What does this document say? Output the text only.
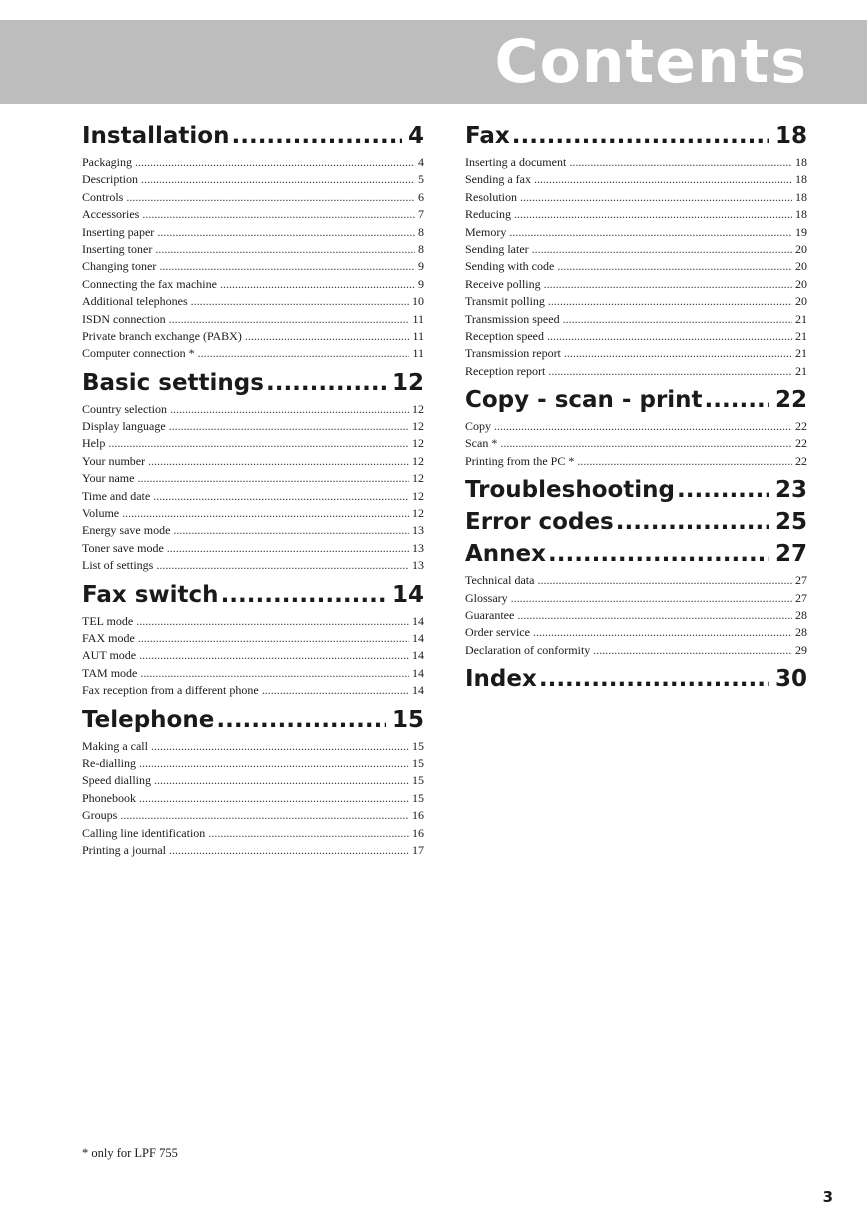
Contents
Installation .....	4
Packaging .....	4
Description .....	5
Controls .....	6
Accessories .....	7
Inserting paper .....	8
Inserting toner .....	8
Changing toner .....	9
Connecting the fax machine .....	9
Additional telephones .....	10
ISDN connection .....	11
Private branch exchange (PABX) .....	11
Computer connection * .....	11
Basic settings .....	12
Country selection .....	12
Display language .....	12
Help .....	12
Your number .....	12
Your name .....	12
Time and date .....	12
Volume .....	12
Energy save mode .....	13
Toner save mode .....	13
List of settings .....	13
Fax switch .....	14
TEL mode .....	14
FAX mode .....	14
AUT mode .....	14
TAM mode .....	14
Fax reception from a different phone .....	14
Telephone .....	15
Making a call .....	15
Re-dialling .....	15
Speed dialling .....	15
Phonebook .....	15
Groups .....	16
Calling line identification .....	16
Printing a journal .....	17
Fax .....	18
Inserting a document .....	18
Sending a fax .....	18
Resolution .....	18
Reducing .....	18
Memory .....	19
Sending later .....	20
Sending with code .....	20
Receive polling .....	20
Transmit polling .....	20
Transmission speed .....	21
Reception speed .....	21
Transmission report .....	21
Reception report .....	21
Copy - scan - print .....	22
Copy .....	22
Scan * .....	22
Printing from the PC * .....	22
Troubleshooting .....	23
Error codes .....	25
Annex .....	27
Technical data .....	27
Glossary .....	27
Guarantee .....	28
Order service .....	28
Declaration of conformity .....	29
Index .....	30
* only for LPF 755
3
